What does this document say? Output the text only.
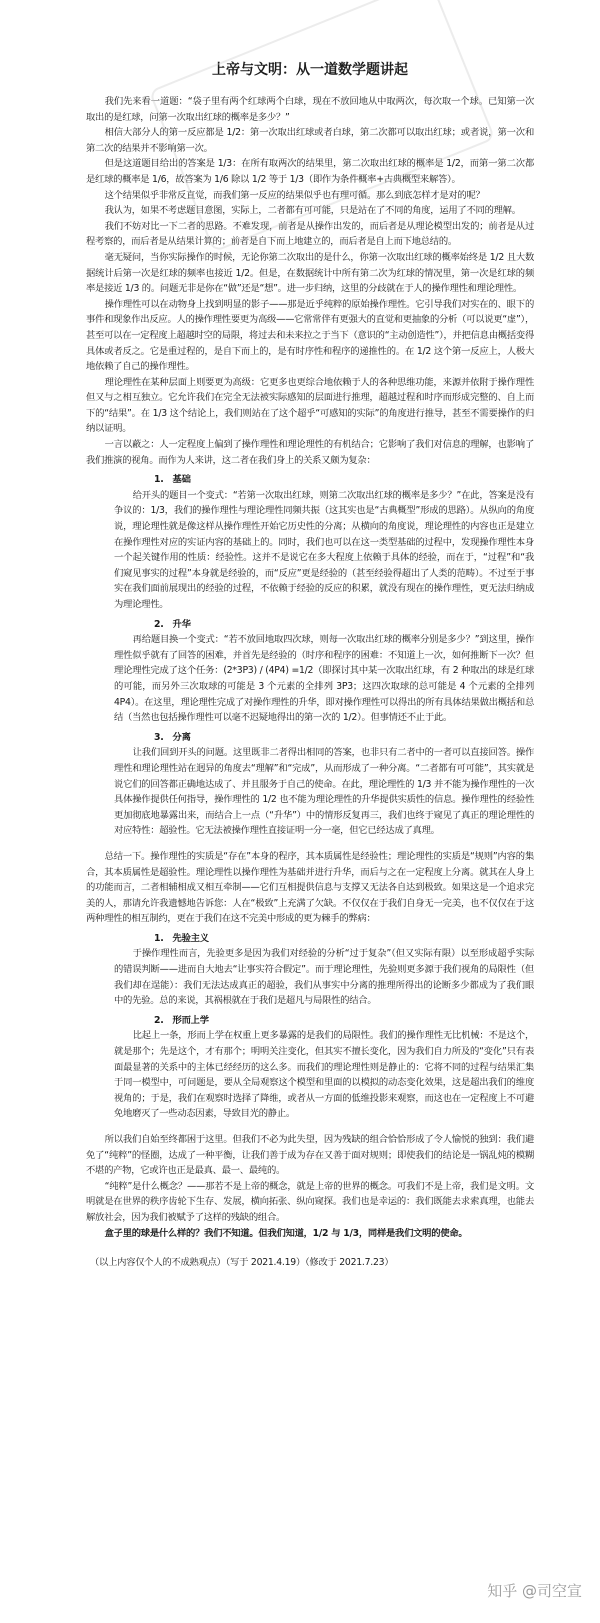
上帝与文明：从一道数学题讲起

我们先来看一道题：“袋子里有两个红球两个白球，现在不放回地从中取两次，每次取一个球。已知第一次取出的是红球，问第一次取出红球的概率是多少？”

相信大部分人的第一反应都是 1/2：第一次取出红球或者白球，第二次都可以取出红球；或者说，第一次和第二次的结果并不影响第一次。

但是这道题目给出的答案是 1/3：在所有取两次的结果里，第二次取出红球的概率是 1/2，而第一第二次都是红球的概率是 1/6，故答案为 1/6 除以 1/2 等于 1/3（即作为条件概率+古典概型来解答）。

这个结果似乎非常反直觉，而我们第一反应的结果似乎也有理可循。那么到底怎样才是对的呢？

我认为，如果不考虑题目意图，实际上，二者都有可可能，只是站在了不同的角度，运用了不同的理解。

我们不妨对比一下二者的思路。不难发现，前者是从操作出发的，而后者是从理论模型出发的；前者是从过程考察的，而后者是从结果计算的；前者是自下而上地建立的，而后者是自上而下地总结的。

毫无疑问，当你实际操作的时候，无论你第二次取出的是什么，你第一次取出红球的概率始终是 1/2 且大数据统计后第一次是红球的频率也接近 1/2。但是，在数据统计中所有第二次为红球的情况里，第一次是红球的频率是接近 1/3 的。问题无非是你在“做”还是“想”。进一步归纳，这里的分歧就在于人的操作理性和理论理性。

操作理性可以在动物身上找到明显的影子——那是近乎纯粹的原始操作理性。它引导我们对实在的、眼下的事件和现象作出反应。人的操作理性要更为高级——它常常伴有更强大的直觉和更抽象的分析（可以说更“虚”），甚至可以在一定程度上超越时空的局限，将过去和未来拉之于当下（意识的“主动创造性”），并把信息由概括变得具体或者反之。它是重过程的，是自下而上的，是有时序性和程序的递推性的。在 1/2 这个第一反应上，人极大地依赖了自己的操作理性。

理论理性在某种层面上则要更为高级：它更多也更综合地依赖于人的各种思维功能，来源并依附于操作理性但又与之相互独立。它允许我们在完全无法被实际感知的层面进行推理，超越过程和时序而形成完整的、自上而下的“结果”。在 1/3 这个结论上，我们则站在了这个超乎“可感知的实际”的角度进行推导，甚至不需要操作的归纳以证明。

一言以蔽之：人一定程度上偏到了操作理性和理论理性的有机结合；它影响了我们对信息的理解，也影响了我们推演的视角。而作为人来讲，这二者在我们身上的关系又颇为复杂：

1.　基础

给开头的题目一个变式：“若第一次取出红球，则第二次取出红球的概率是多少？”在此，答案是没有争议的：1/3，我们的操作理性与理论理性同频共振（这其实也是“古典概型”形成的思路）。从纵向的角度说，理论理性就是像这样从操作理性开始它历史性的分离；从横向的角度说，理论理性的内容也正是建立在操作理性对应的实证内容的基础上的。同时，我们也可以在这一类型基础的过程中，发现操作理性本身一个起关键作用的性质：经验性。这并不是说它在多大程度上依赖于具体的经验，而在于，“过程”和“我们窥见事实的过程”本身就是经验的，而“反应”更是经验的（甚至经验得超出了人类的范畴）。不过至于事实在我们面前展现出的经验的过程，不依赖于经验的反应的积累，就没有现在的操作理性，更无法归纳成为理论理性。

2.　升华

再给题目换一个变式：“若不放回地取四次球，则每一次取出红球的概率分别是多少？”到这里，操作理性似乎就有了回答的困难，并首先是经验的（时序和程序的困难：不知道上一次，如何推断下一次？但理论理性完成了这个任务：(2*3P3) / (4P4) =1/2（即探讨其中某一次取出红球，有 2 种取出的球是红球的可能，而另外三次取球的可能是 3 个元素的全排列 3P3；这四次取球的总可能是 4 个元素的全排列 4P4）。在这里，理论理性完成了对操作理性的升华，即对操作理性可以得出的所有具体结果做出概括和总结（当然也包括操作理性可以毫不迟疑地得出的第一次的 1/2）。但事情还不止于此。

3.　分离

让我们回到开头的问题。这里既非二者得出相同的答案，也非只有二者中的一者可以直接回答。操作理性和理论理性站在迥异的角度去“理解”和“完成”，从而形成了一种分离。“二者都有可可能”，其实就是说它们的回答都正确地达成了、并且服务于自己的使命。在此，理论理性的 1/3 并不能为操作理性的一次具体操作提供任何指导，操作理性的 1/2 也不能为理论理性的升华提供实质性的信息。操作理性的经验性更加彻底地暴露出来，而结合上一点（“升华”）中的情形反复再三，我们也终于窥见了真正的理论理性的对应特性：超验性。它无法被操作理性直接证明一分一毫，但它已经达成了真理。

总结一下。操作理性的实质是“存在”本身的程序，其本质属性是经验性；理论理性的实质是“规则”内容的集合，其本质属性是超验性。理论理性以操作理性为基础并进行升华，而后与之在一定程度上分离。就其在人身上的功能而言，二者相辅相成又相互牵制——它们互相提供信息与支撑又无法各自达到极致。如果这是一个追求完美的人，那请允许我遗憾地告诉您：人在“极致”上充满了欠缺。不仅仅在于我们自身无一完美，也不仅仅在于这两种理性的相互制约，更在于我们在这不完美中形成的更为棘手的弊病：

1.　先验主义

于操作理性而言，先验更多是因为我们对经验的分析“过于复杂”（但又实际有限）以至形成超乎实际的错误判断——进而自大地去“让事实符合假定”。而于理论理性，先验则更多源于我们视角的局限性（但我们却在逞能）：我们无法达成真正的超验，我们从事实中分离的推理所得出的论断多少都成为了我们眼中的先验。总的来说，其祸根就在于我们是超凡与局限性的结合。

2.　形而上学

比起上一条，形而上学在权重上更多暴露的是我们的局限性。我们的操作理性无比机械：不是这个，就是那个；先是这个，才有那个；明明关注变化，但其实不擅长变化，因为我们自力所及的“变化”只有表面最显著的关系中的主体已经经历的这么多。而我们的理论理性则是静止的：它将不同的过程与结果汇集于同一模型中，可问题是，要从全局观察这个模型和里面的以模拟的动态变化效果，这是超出我们的维度视角的；于是，我们在观察时选择了降维，或者从一方面的低维投影来观察，而这也在一定程度上不可避免地磨灭了一些动态因素，导致目光的静止。

所以我们自始至终都困于这里。但我们不必为此失望，因为残缺的组合恰恰形成了令人愉悦的独到：我们避免了“纯粹”的怪圈，达成了一种平衡，让我们善于成为存在又善于面对规则；即使我们的结论是一锅乱炖的模糊不堪的产物，它或许也正是最真、最一、最纯的。

“纯粹”是什么概念？——那若不是上帝的概念，就是上帝的世界的概念。可我们不是上帝，我们是文明。文明就是在世界的秩序齿轮下生存、发展，横向拓张、纵向窥探。我们也是幸运的：我们既能去求索真理，也能去解放社会，因为我们被赋予了这样的残缺的组合。

盒子里的球是什么样的？我们不知道。但我们知道，1/2 与 1/3，同样是我们文明的使命。

（以上内容仅个人的不成熟观点）（写于 2021.4.19）（修改于 2021.7.23）

知乎 @司空宣
